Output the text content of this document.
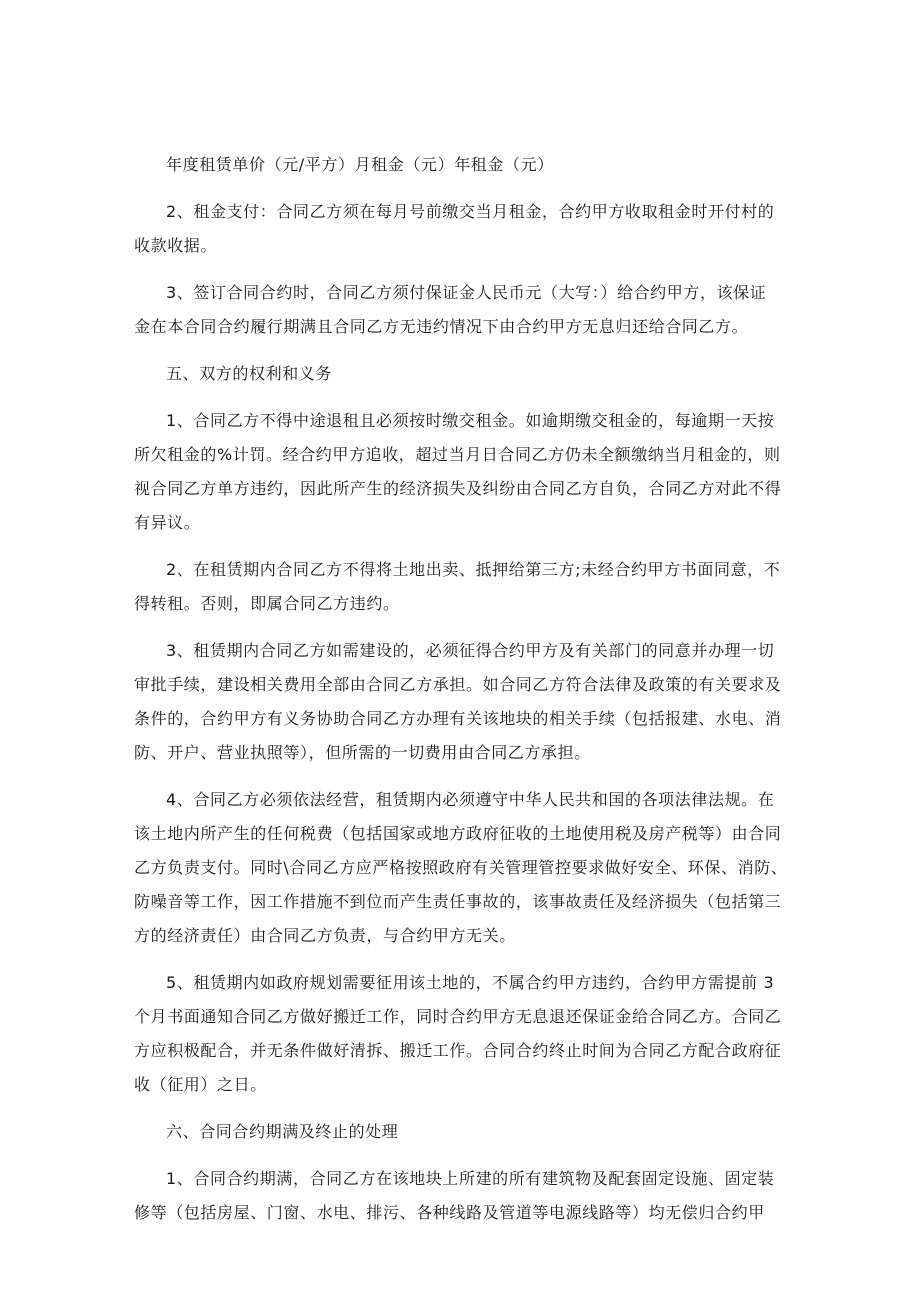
年度租赁单价（元/平方）月租金（元）年租金（元）

2、租金支付：合同乙方须在每月号前缴交当月租金，合约甲方收取租金时开付村的
收款收据。

3、签订合同合约时，合同乙方须付保证金人民币元（大写：）给合约甲方，该保证
金在本合同合约履行期满且合同乙方无违约情况下由合约甲方无息归还给合同乙方。

五、双方的权利和义务

1、合同乙方不得中途退租且必须按时缴交租金。如逾期缴交租金的，每逾期一天按
所欠租金的%计罚。经合约甲方追收，超过当月日合同乙方仍未全额缴纳当月租金的，则
视合同乙方单方违约，因此所产生的经济损失及纠纷由合同乙方自负，合同乙方对此不得
有异议。

2、在租赁期内合同乙方不得将土地出卖、抵押给第三方;未经合约甲方书面同意，不
得转租。否则，即属合同乙方违约。

3、租赁期内合同乙方如需建设的，必须征得合约甲方及有关部门的同意并办理一切
审批手续，建设相关费用全部由合同乙方承担。如合同乙方符合法律及政策的有关要求及
条件的，合约甲方有义务协助合同乙方办理有关该地块的相关手续（包括报建、水电、消
防、开户、营业执照等），但所需的一切费用由合同乙方承担。

4、合同乙方必须依法经营，租赁期内必须遵守中华人民共和国的各项法律法规。在
该土地内所产生的任何税费（包括国家或地方政府征收的土地使用税及房产税等）由合同
乙方负责支付。同时\合同乙方应严格按照政府有关管理管控要求做好安全、环保、消防、
防噪音等工作，因工作措施不到位而产生责任事故的，该事故责任及经济损失（包括第三
方的经济责任）由合同乙方负责，与合约甲方无关。

5、租赁期内如政府规划需要征用该土地的，不属合约甲方违约，合约甲方需提前 3
个月书面通知合同乙方做好搬迁工作，同时合约甲方无息退还保证金给合同乙方。合同乙
方应积极配合，并无条件做好清拆、搬迁工作。合同合约终止时间为合同乙方配合政府征
收（征用）之日。

六、合同合约期满及终止的处理

1、合同合约期满，合同乙方在该地块上所建的所有建筑物及配套固定设施、固定装
修等（包括房屋、门窗、水电、排污、各种线路及管道等电源线路等）均无偿归合约甲
